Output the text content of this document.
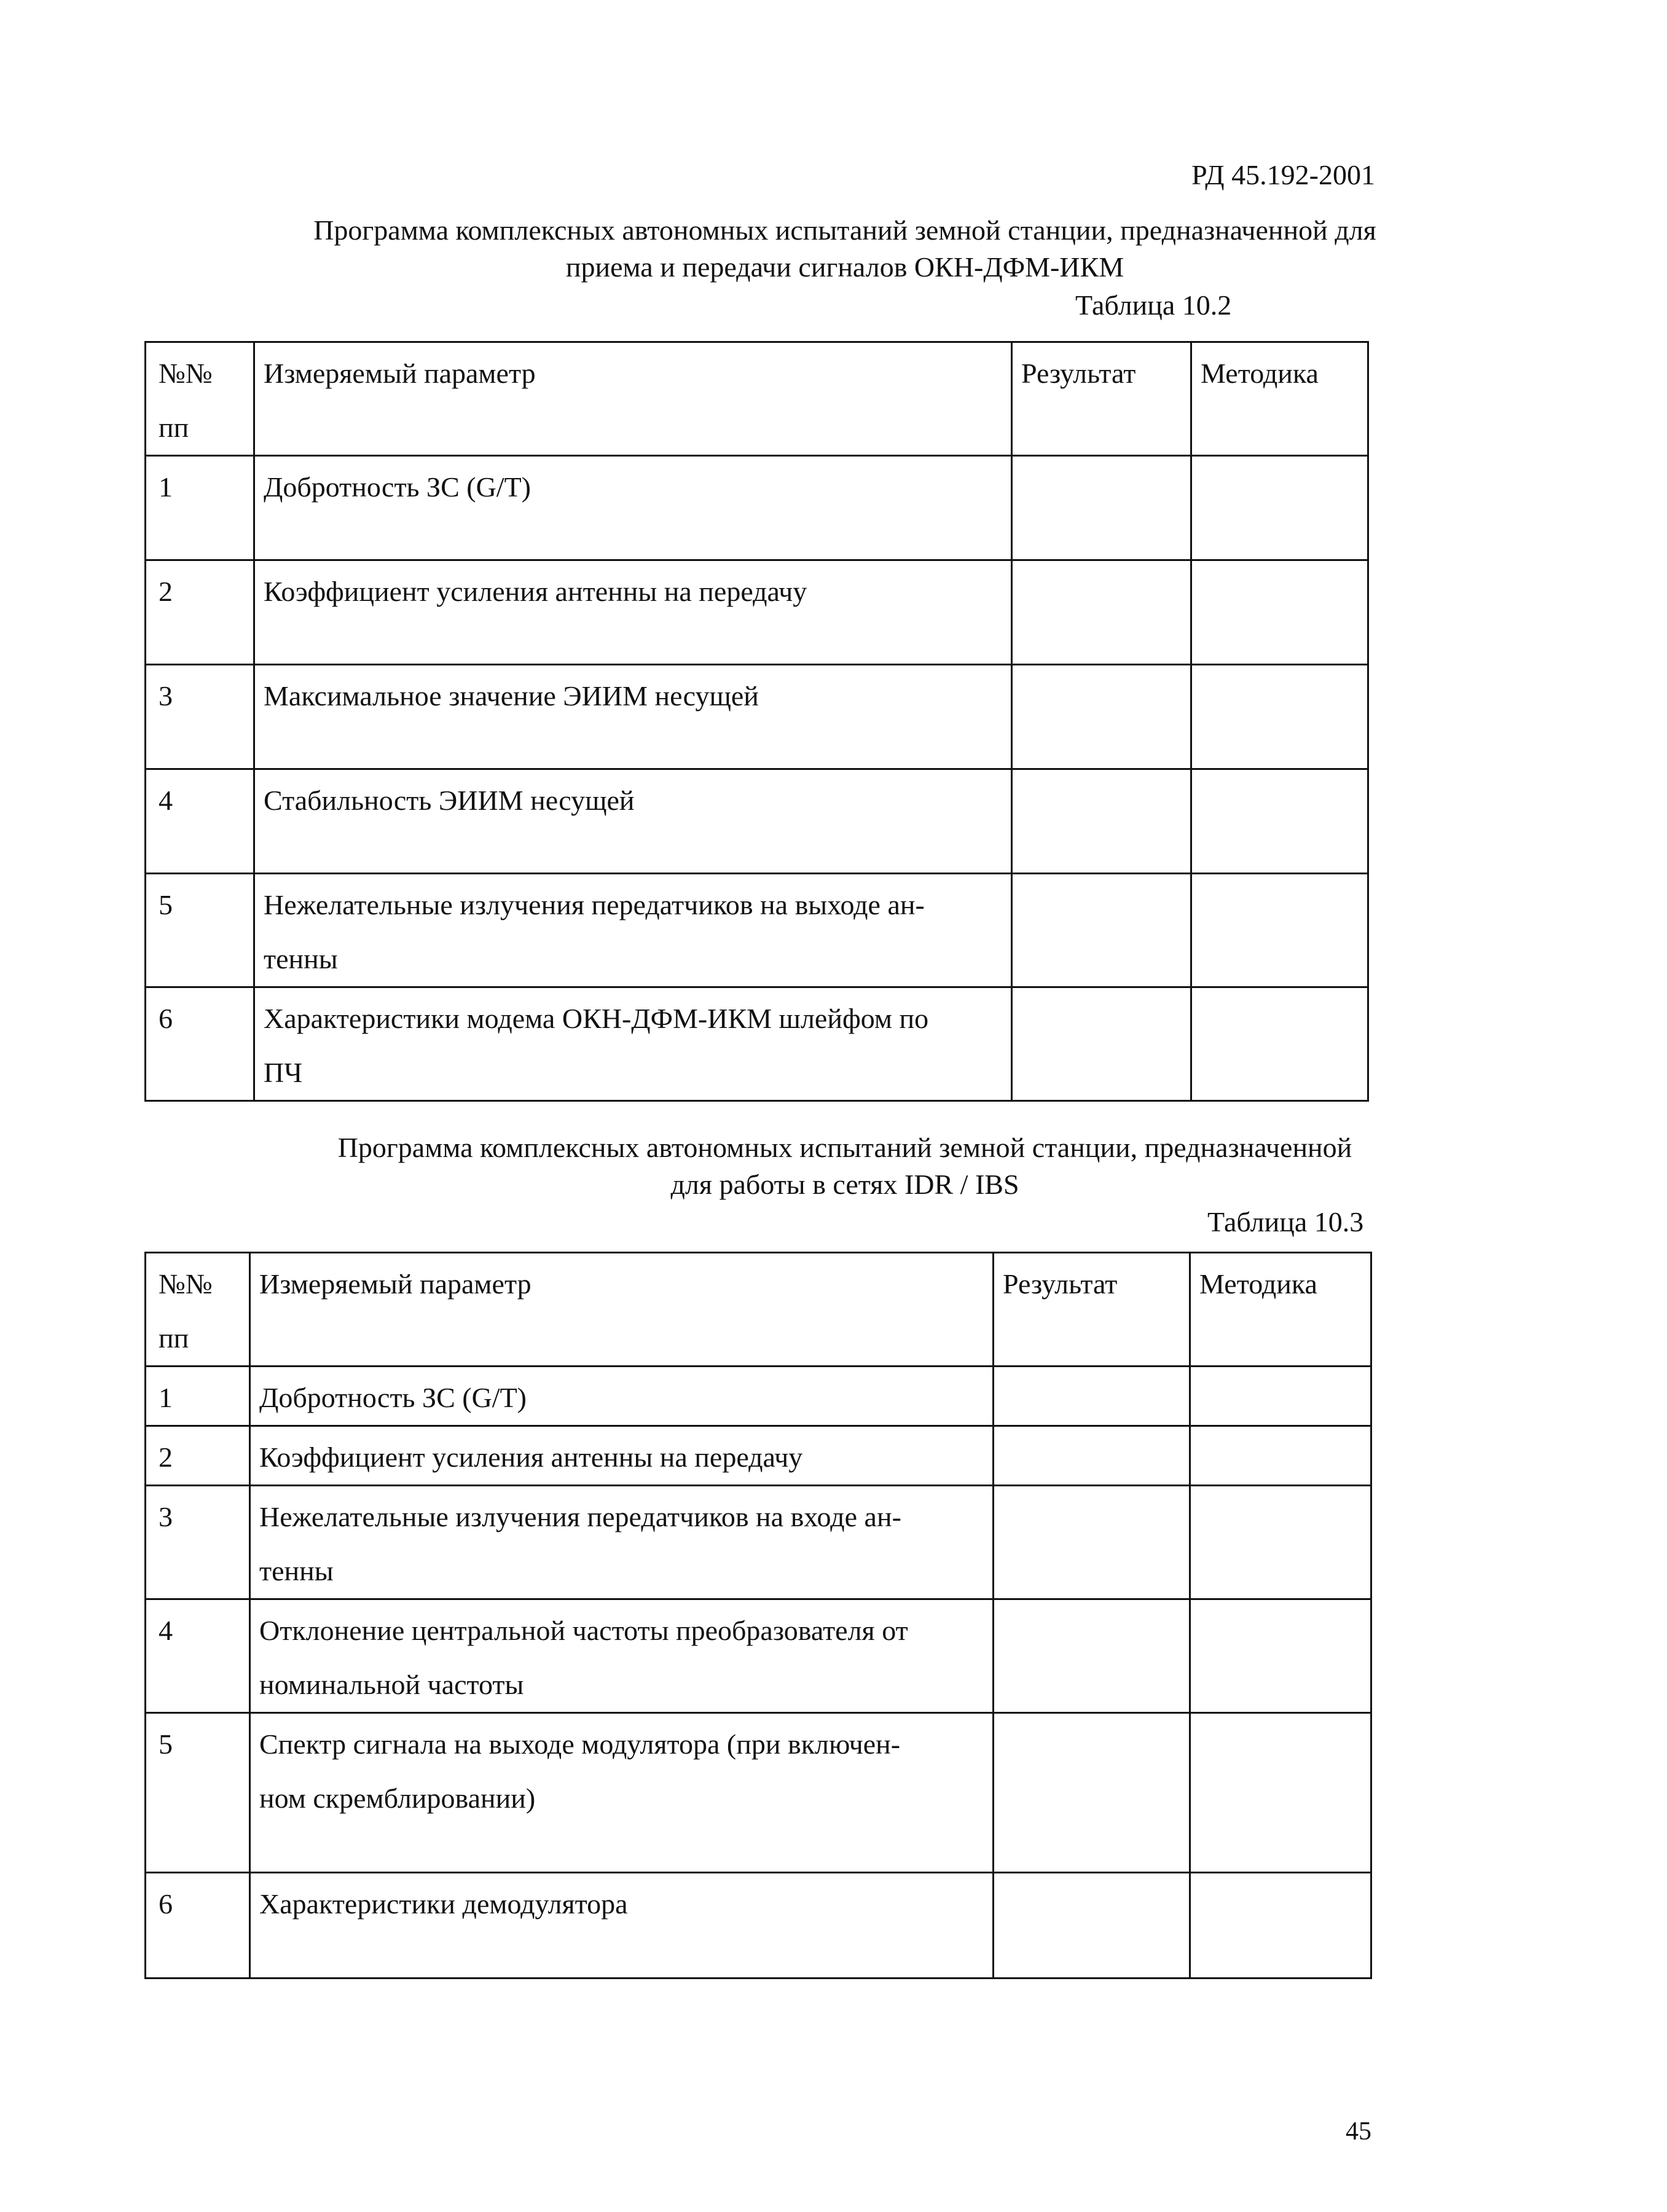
РД 45.192-2001
Программа комплексных автономных испытаний земной станции, предназначенной для
приема и передачи сигналов ОКН-ДФМ-ИКМ
Таблица 10.2
№№
пп	Измеряемый параметр	Результат	Методика
1	Добротность ЗС (G/T)		

2	Коэффициент усиления антенны на передачу		

3	Максимальное значение ЭИИМ несущей		

4	Стабильность ЭИИМ несущей		

5	Нежелательные излучения передатчиков на выходе ан-
тенны		

6	Характеристики модема ОКН-ДФМ-ИКМ шлейфом по
ПЧ		

Программа комплексных автономных испытаний земной станции, предназначенной
для работы в сетях IDR / IBS
Таблица 10.3
№№
пп	Измеряемый параметр	Результат	Методика
1	Добротность ЗС (G/T)		

2	Коэффициент усиления антенны на передачу		

3	Нежелательные излучения передатчиков на входе ан-
тенны		

4	Отклонение центральной частоты преобразователя от
номинальной частоты		

5	Спектр сигнала на выходе модулятора (при включен-
ном скремблировании)		

6	Характеристики демодулятора		

45
